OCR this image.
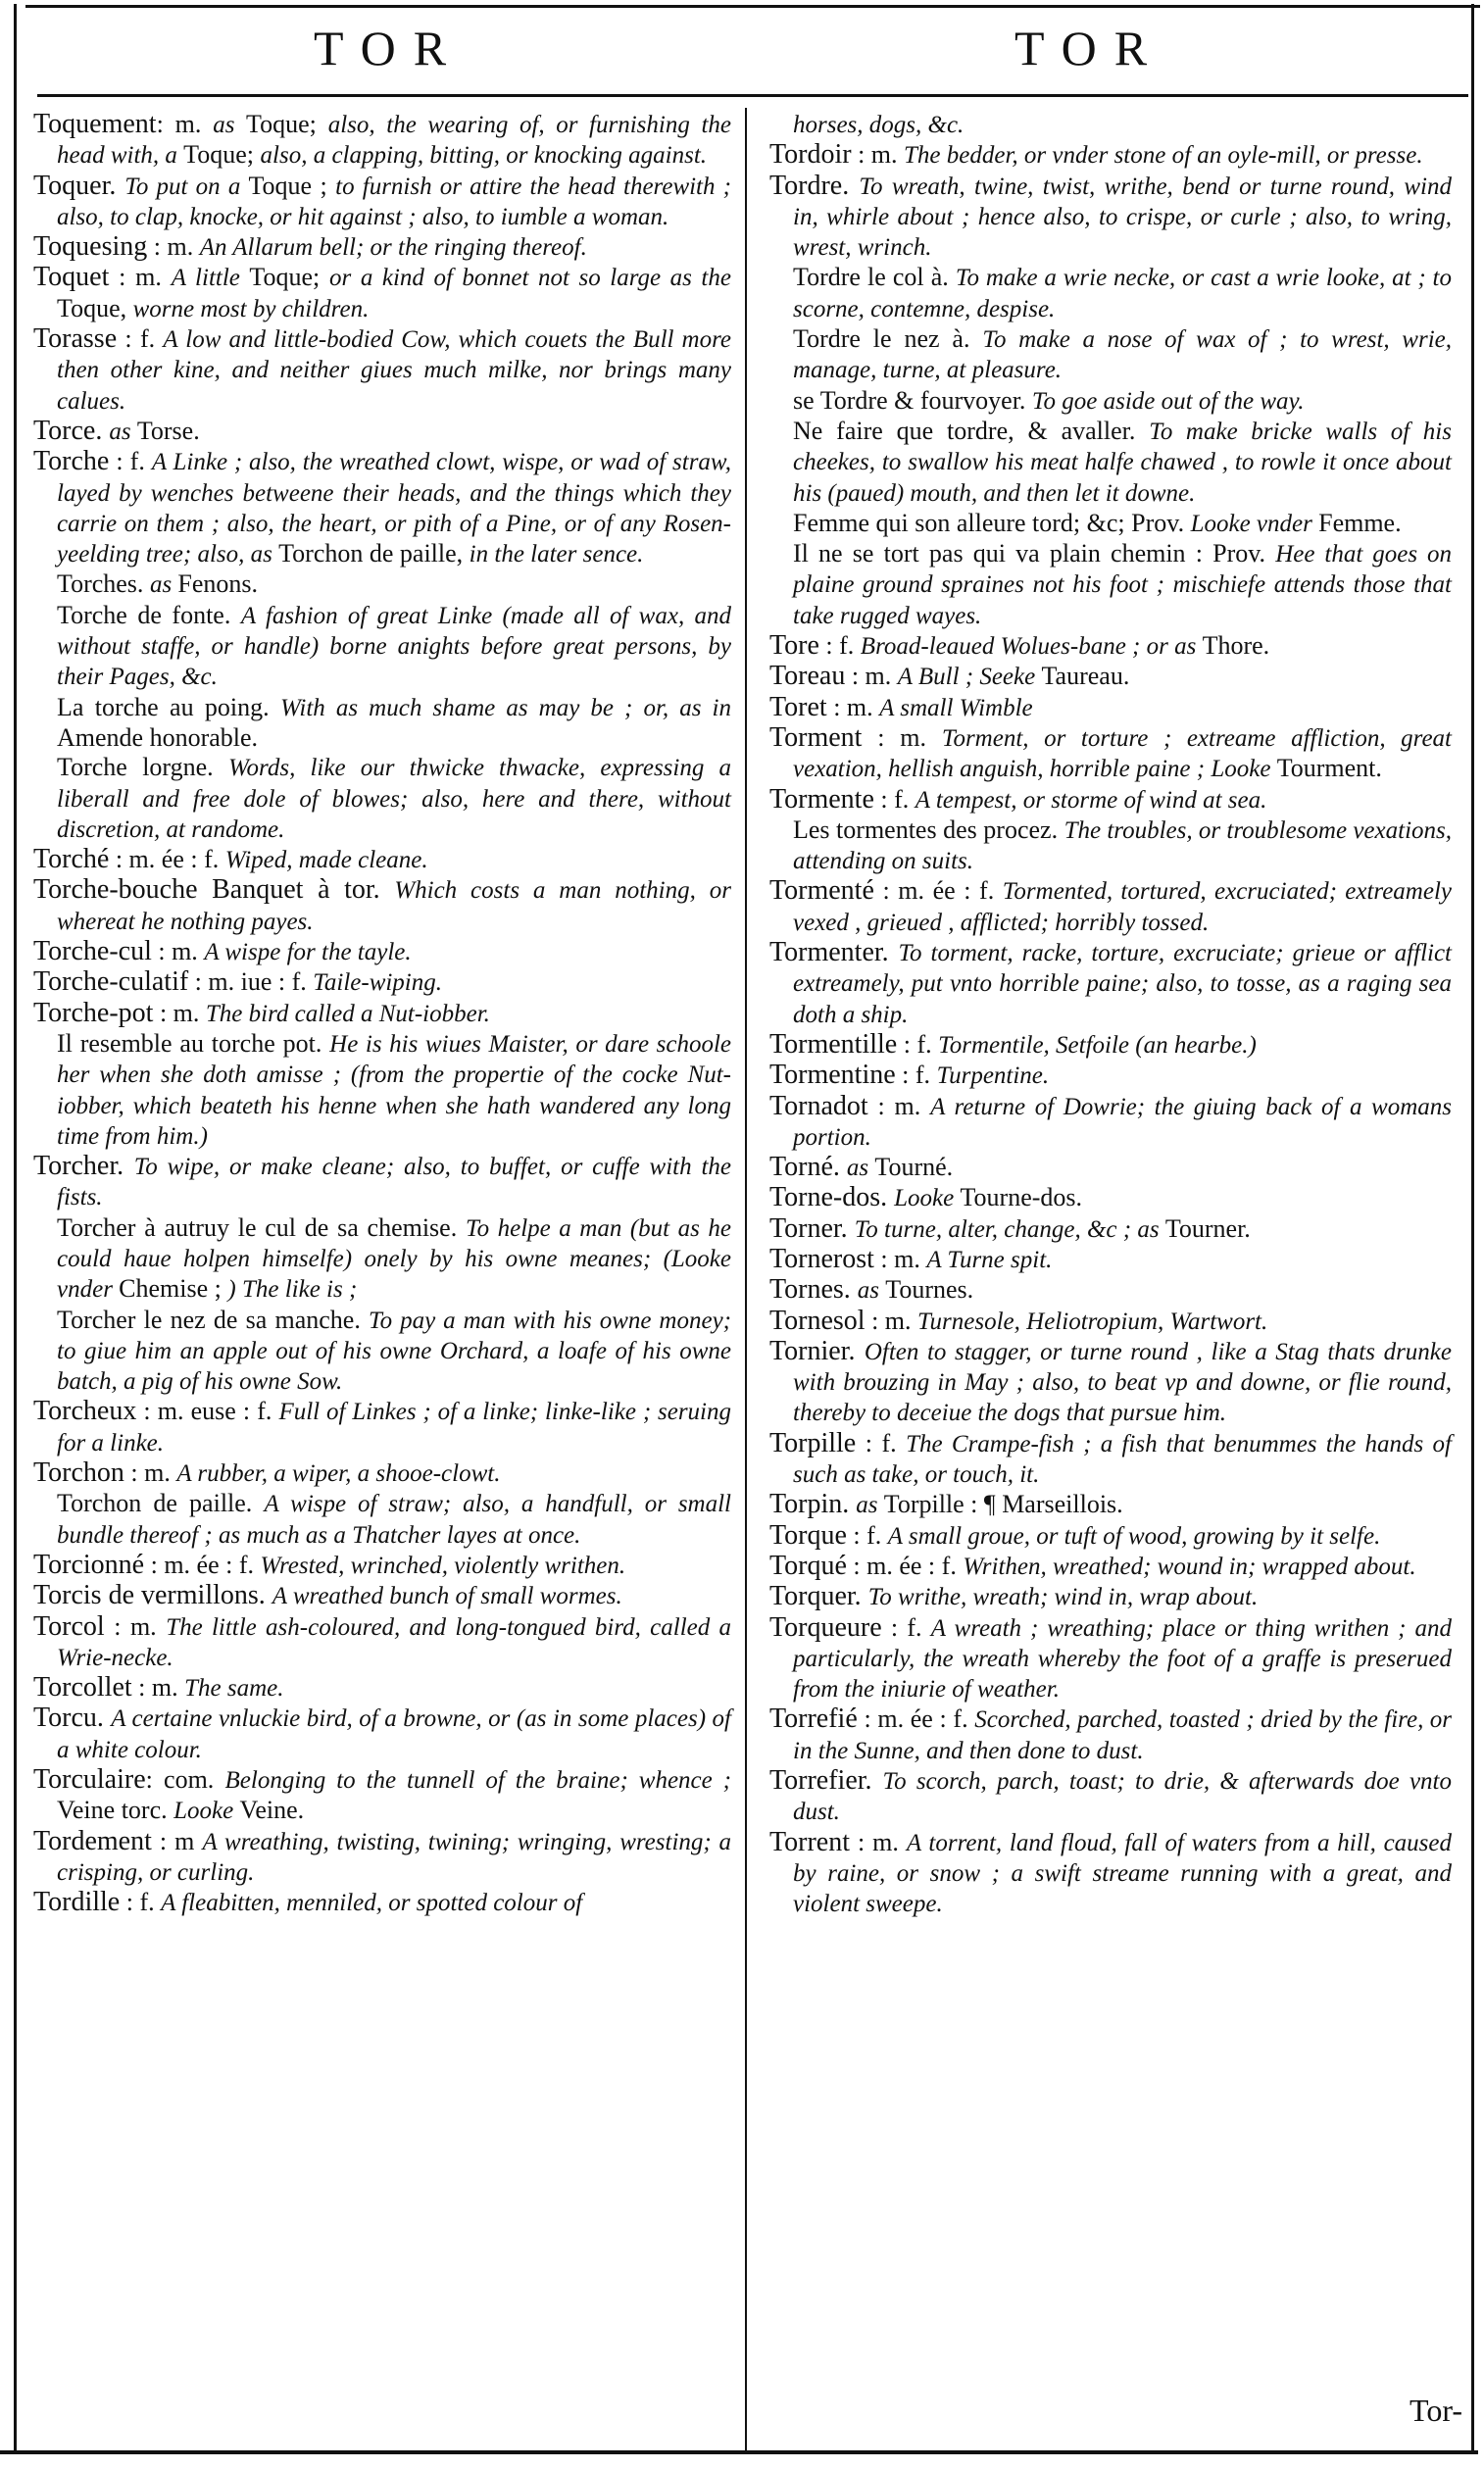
TOR	TOR

Toquement: m. as Toque; also, the wearing of, or furnishing the head with, a Toque; also, a clapping, bitting, or knocking against.

Toquer. To put on a Toque ; to furnish or attire the head therewith ; also, to clap, knocke, or hit against ; also, to iumble a woman.

Toquesing : m. An Allarum bell; or the ringing thereof.

Toquet : m. A little Toque; or a kind of bonnet not so large as the Toque, worne most by children.

Torasse : f. A low and little-bodied Cow, which couets the Bull more then other kine, and neither giues much milke, nor brings many calues.

Torce. as Torse.

Torche : f. A Linke ; also, the wreathed clowt, wispe, or wad of straw, layed by wenches betweene their heads, and the things which they carrie on them ; also, the heart, or pith of a Pine, or of any Rosen-yeelding tree; also, as Torchon de paille, in the later sence.

Torches. as Fenons.

Torche de fonte. A fashion of great Linke (made all of wax, and without staffe, or handle) borne anights before great persons, by their Pages, &c.

La torche au poing. With as much shame as may be ; or, as in Amende honorable.

Torche lorgne. Words, like our thwicke thwacke, expressing a liberall and free dole of blowes; also, here and there, without discretion, at randome.

Torché : m. ée : f. Wiped, made cleane.

Torche-bouche Banquet à tor. Which costs a man nothing, or whereat he nothing payes.

Torche-cul : m. A wispe for the tayle.

Torche-culatif : m. iue : f. Taile-wiping.

Torche-pot : m. The bird called a Nut-iobber.

Il resemble au torche pot. He is his wiues Maister, or dare schoole her when she doth amisse ; (from the propertie of the cocke Nut-iobber, which beateth his henne when she hath wandered any long time from him.)

Torcher. To wipe, or make cleane; also, to buffet, or cuffe with the fists.

Torcher à autruy le cul de sa chemise. To helpe a man (but as he could haue holpen himselfe) onely by his owne meanes; (Looke vnder Chemise ; ) The like is ;

Torcher le nez de sa manche. To pay a man with his owne money; to giue him an apple out of his owne Orchard, a loafe of his owne batch, a pig of his owne Sow.

Torcheux : m. euse : f. Full of Linkes ; of a linke; linke-like ; seruing for a linke.

Torchon : m. A rubber, a wiper, a shooe-clowt.

Torchon de paille. A wispe of straw; also, a handfull, or small bundle thereof ; as much as a Thatcher layes at once.

Torcionné : m. ée : f. Wrested, wrinched, violently writhen.

Torcis de vermillons. A wreathed bunch of small wormes.

Torcol : m. The little ash-coloured, and long-tongued bird, called a Wrie-necke.

Torcollet : m. The same.

Torcu. A certaine vnluckie bird, of a browne, or (as in some places) of a white colour.

Torculaire: com. Belonging to the tunnell of the braine; whence ; Veine torc. Looke Veine.

Tordement : m A wreathing, twisting, twining; wringing, wresting; a crisping, or curling.

Tordille : f. A fleabitten, menniled, or spotted colour of

horses, dogs, &c.

Tordoir : m. The bedder, or vnder stone of an oyle-mill, or presse.

Tordre. To wreath, twine, twist, writhe, bend or turne round, wind in, whirle about ; hence also, to crispe, or curle ; also, to wring, wrest, wrinch.

Tordre le col à. To make a wrie necke, or cast a wrie looke, at ; to scorne, contemne, despise.

Tordre le nez à. To make a nose of wax of ; to wrest, wrie, manage, turne, at pleasure.

se Tordre & fourvoyer. To goe aside out of the way.

Ne faire que tordre, & avaller. To make bricke walls of his cheekes, to swallow his meat halfe chawed , to rowle it once about his (paued) mouth, and then let it downe.

Femme qui son alleure tord; &c; Prov. Looke vnder Femme.

Il ne se tort pas qui va plain chemin : Prov. Hee that goes on plaine ground spraines not his foot ; mischiefe attends those that take rugged wayes.

Tore : f. Broad-leaued Wolues-bane ; or as Thore.

Toreau : m. A Bull ; Seeke Taureau.

Toret : m. A small Wimble

Torment : m. Torment, or torture ; extreame affliction, great vexation, hellish anguish, horrible paine ; Looke Tourment.

Tormente : f. A tempest, or storme of wind at sea.

Les tormentes des procez. The troubles, or troublesome vexations, attending on suits.

Tormenté : m. ée : f. Tormented, tortured, excruciated; extreamely vexed , grieued , afflicted; horribly tossed.

Tormenter. To torment, racke, torture, excruciate; grieue or afflict extreamely, put vnto horrible paine; also, to tosse, as a raging sea doth a ship.

Tormentille : f. Tormentile, Setfoile (an hearbe.)

Tormentine : f. Turpentine.

Tornadot : m. A returne of Dowrie; the giuing back of a womans portion.

Torné. as Tourné.

Torne-dos. Looke Tourne-dos.

Torner. To turne, alter, change, &c ; as Tourner.

Tornerost : m. A Turne spit.

Tornes. as Tournes.

Tornesol : m. Turnesole, Heliotropium, Wartwort.

Tornier. Often to stagger, or turne round , like a Stag thats drunke with brouzing in May ; also, to beat vp and downe, or flie round, thereby to deceiue the dogs that pursue him.

Torpille : f. The Crampe-fish ; a fish that benummes the hands of such as take, or touch, it.

Torpin. as Torpille : ¶ Marseillois.

Torque : f. A small groue, or tuft of wood, growing by it selfe.

Torqué : m. ée : f. Writhen, wreathed; wound in; wrapped about.

Torquer. To writhe, wreath; wind in, wrap about.

Torqueure : f. A wreath ; wreathing; place or thing writhen ; and particularly, the wreath whereby the foot of a graffe is preserued from the iniurie of weather.

Torrefié : m. ée : f. Scorched, parched, toasted ; dried by the fire, or in the Sunne, and then done to dust.

Torrefier. To scorch, parch, toast; to drie, & afterwards doe vnto dust.

Torrent : m. A torrent, land floud, fall of waters from a hill, caused by raine, or snow ; a swift streame running with a great, and violent sweepe.

Tor-
